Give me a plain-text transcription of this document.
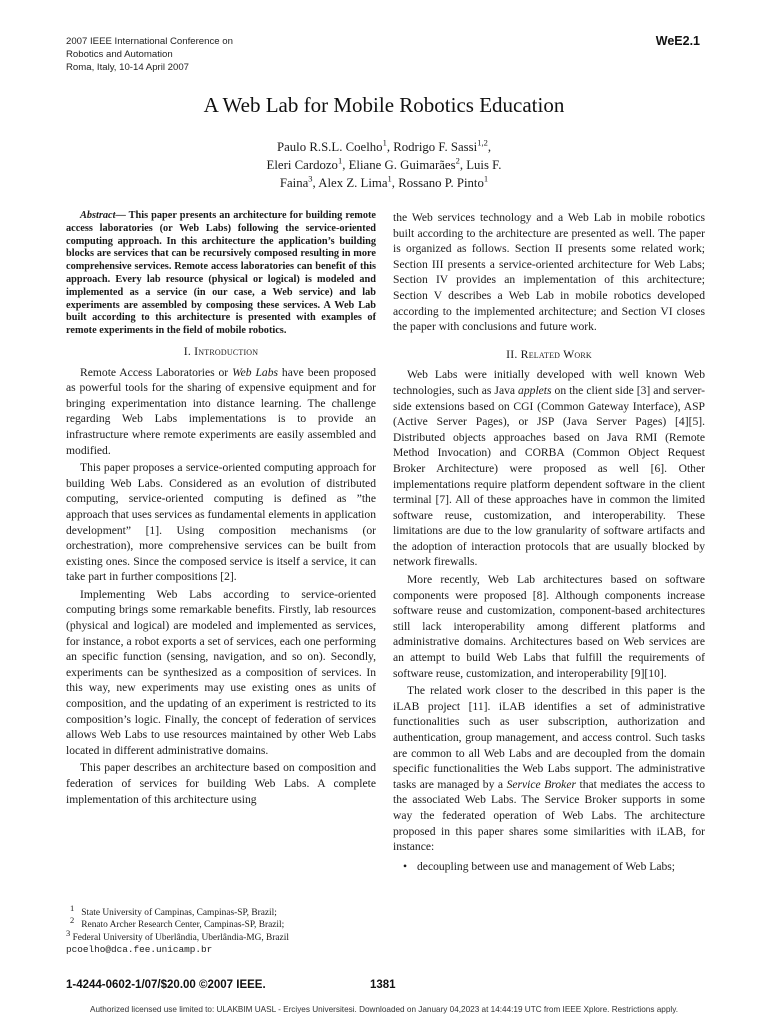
2007 IEEE International Conference on
Robotics and Automation
Roma, Italy, 10-14 April 2007
WeE2.1
A Web Lab for Mobile Robotics Education
Paulo R.S.L. Coelho$^1$, Rodrigo F. Sassi$^{1,2}$,
Eleri Cardozo$^1$, Eliane G. Guimarães$^2$, Luis F.
Faina$^3$, Alex Z. Lima$^1$, Rossano P. Pinto$^1$

Abstract— This paper presents an architecture for building remote access laboratories (or Web Labs) following the service-oriented computing approach. In this architecture the application’s building blocks are services that can be recursively composed resulting in more comprehensive services. Remote access laboratories can benefit of this approach. Every lab resource (physical or logical) is modeled and implemented as a service (in our case, a Web service) and lab experiments are assembled by composing these services. A Web Lab built according to this architecture is presented with examples of remote experiments in the field of mobile robotics.

I. Introduction

Remote Access Laboratories or Web Labs have been proposed as powerful tools for the sharing of expensive equipment and for bringing experimentation into distance learning. The challenge regarding Web Labs implementations is to provide an infrastructure where remote experiments are easily assembled and modified.

This paper proposes a service-oriented computing approach for building Web Labs. Considered as an evolution of distributed computing, service-oriented computing is defined as ”the approach that uses services as fundamental elements in application development” [1]. Using composition mechanisms (or orchestration), more comprehensive services can be built from existing ones. Since the composed service is itself a service, it can take part in further compositions [2].

Implementing Web Labs according to service-oriented computing brings some remarkable benefits. Firstly, lab resources (physical and logical) are modeled and implemented as services, for instance, a robot exports a set of services, each one performing an specific function (sensing, navigation, and so on). Secondly, experiments can be synthesized as a composition of services. In this way, new experiments may use existing ones as units of composition, and the updating of an experiment is restricted to its composition’s logic. Finally, the concept of federation of services allows Web Labs to use resources maintained by other Web Labs located in different administrative domains.

This paper describes an architecture based on composition and federation of services for building Web Labs. A complete implementation of this architecture using

$^1$   State University of Campinas, Campinas-SP, Brazil;
$^2$   Renato Archer Research Center, Campinas-SP, Brazil;
$^3$ Federal University of Uberlândia, Uberlândia-MG, Brazil
pcoelho@dca.fee.unicamp.br

the Web services technology and a Web Lab in mobile robotics built according to the architecture are presented as well. The paper is organized as follows. Section II presents some related work; Section III presents a service-oriented architecture for Web Labs; Section IV provides an implementation of this architecture; Section V describes a Web Lab in mobile robotics developed according to the implemented architecture; and Section VI closes the paper with conclusions and future work.

II. Related Work

Web Labs were initially developed with well known Web technologies, such as Java applets on the client side [3] and server-side extensions based on CGI (Common Gateway Interface), ASP (Active Server Pages), or JSP (Java Server Pages) [4][5]. Distributed objects approaches based on Java RMI (Remote Method Invocation) and CORBA (Common Object Request Broker Architecture) were proposed as well [6]. Other implementations require platform dependent software in the client terminal [7]. All of these approaches have in common the limited software reuse, customization, and interoperability. These limitations are due to the low granularity of software artifacts and the adoption of interaction protocols that are usually blocked by network firewalls.

More recently, Web Lab architectures based on software components were proposed [8]. Although components increase software reuse and customization, component-based architectures still lack interoperability among different platforms and administrative domains. Architectures based on Web services are an attempt to build Web Labs that fulfill the requirements of software reuse, customization, and interoperability [9][10].

The related work closer to the described in this paper is the iLAB project [11]. iLAB identifies a set of administrative functionalities such as user subscription, authorization and authentication, group management, and access control. Such tasks are common to all Web Labs and are decoupled from the domain specific functionalities the Web Labs support. The administrative tasks are managed by a Service Broker that mediates the access to the associated Web Labs. The Service Broker supports in some way the federated operation of Web Labs. The architecture proposed in this paper shares some similarities with iLAB, for instance:

• decoupling between use and management of Web Labs;
1-4244-0602-1/07/$20.00 ©2007 IEEE.	1381
Authorized licensed use limited to: ULAKBIM UASL - Erciyes Universitesi. Downloaded on January 04,2023 at 14:44:19 UTC from IEEE Xplore. Restrictions apply.
